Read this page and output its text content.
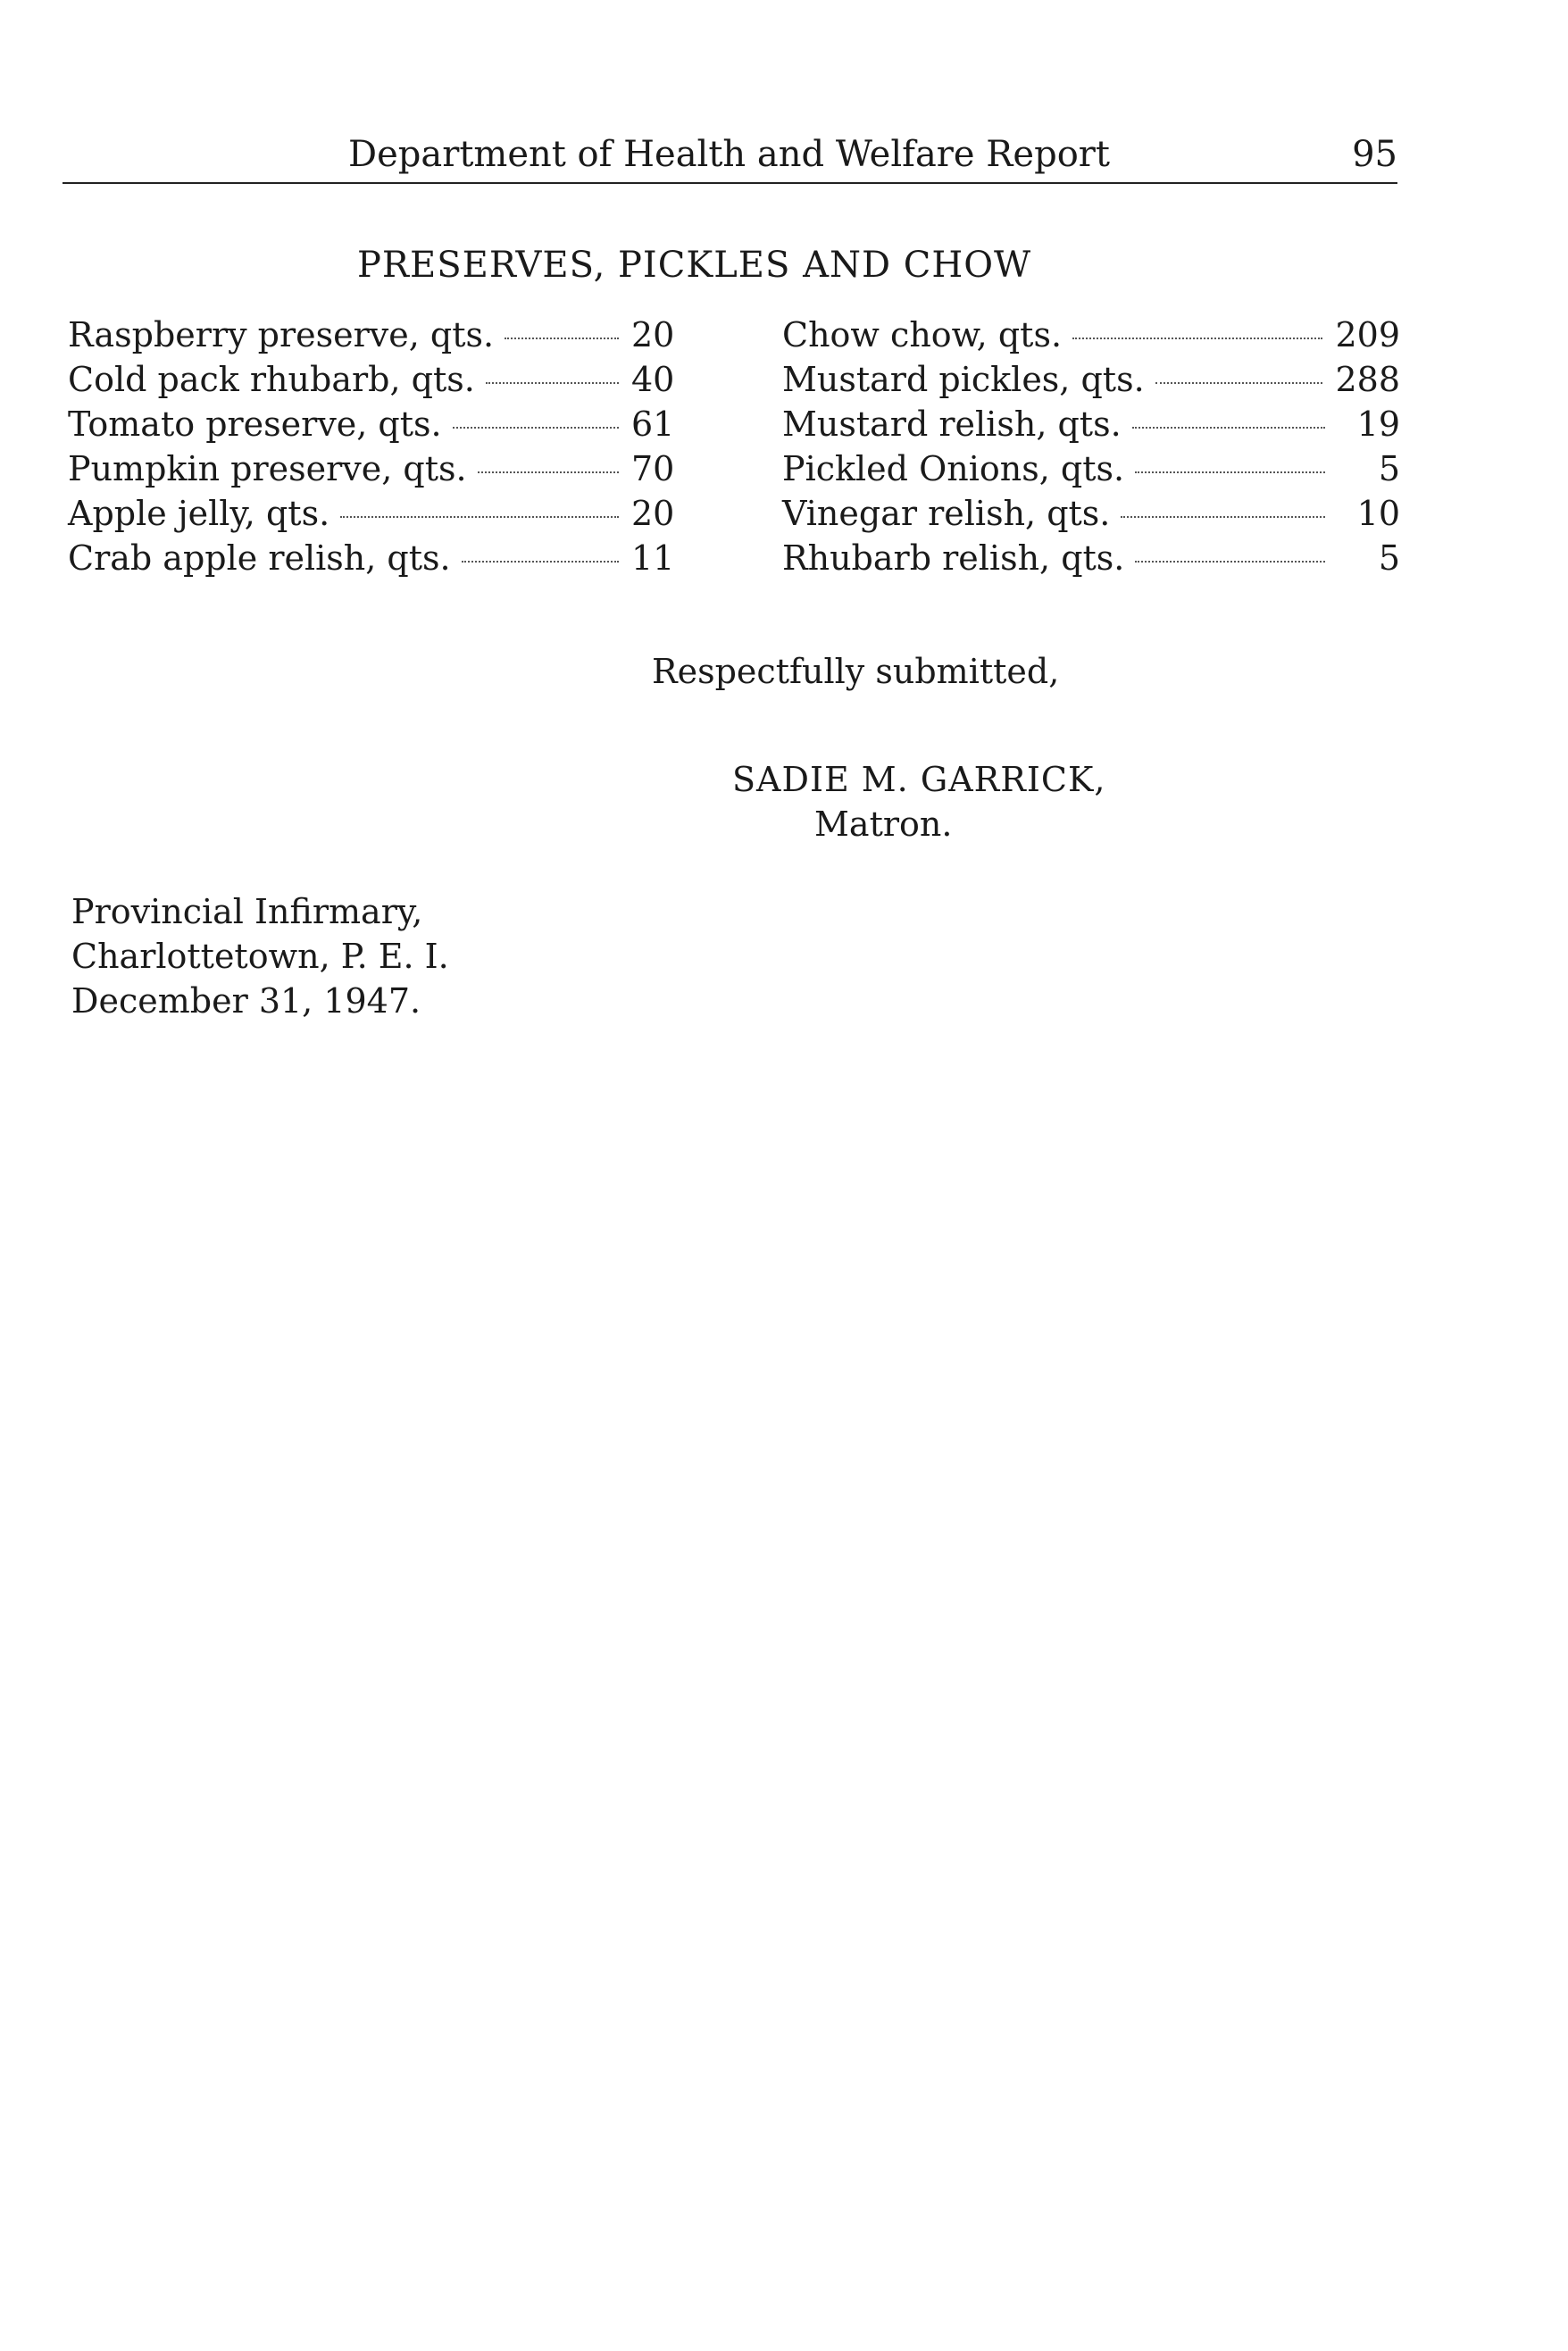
Department of Health and Welfare Report	95
PRESERVES, PICKLES AND CHOW
Raspberry preserve, qts.	20
Cold pack rhubarb, qts.	40
Tomato preserve, qts.	61
Pumpkin preserve, qts.	70
Apple jelly, qts.	20
Crab apple relish, qts.	11
Chow chow, qts.	209
Mustard pickles, qts.	288
Mustard relish, qts.	19
Pickled Onions, qts.	5
Vinegar relish, qts.	10
Rhubarb relish, qts.	5
Respectfully submitted,
SADIE M. GARRICK,
Matron.
Provincial Infirmary,
Charlottetown, P. E. I.
December 31, 1947.
